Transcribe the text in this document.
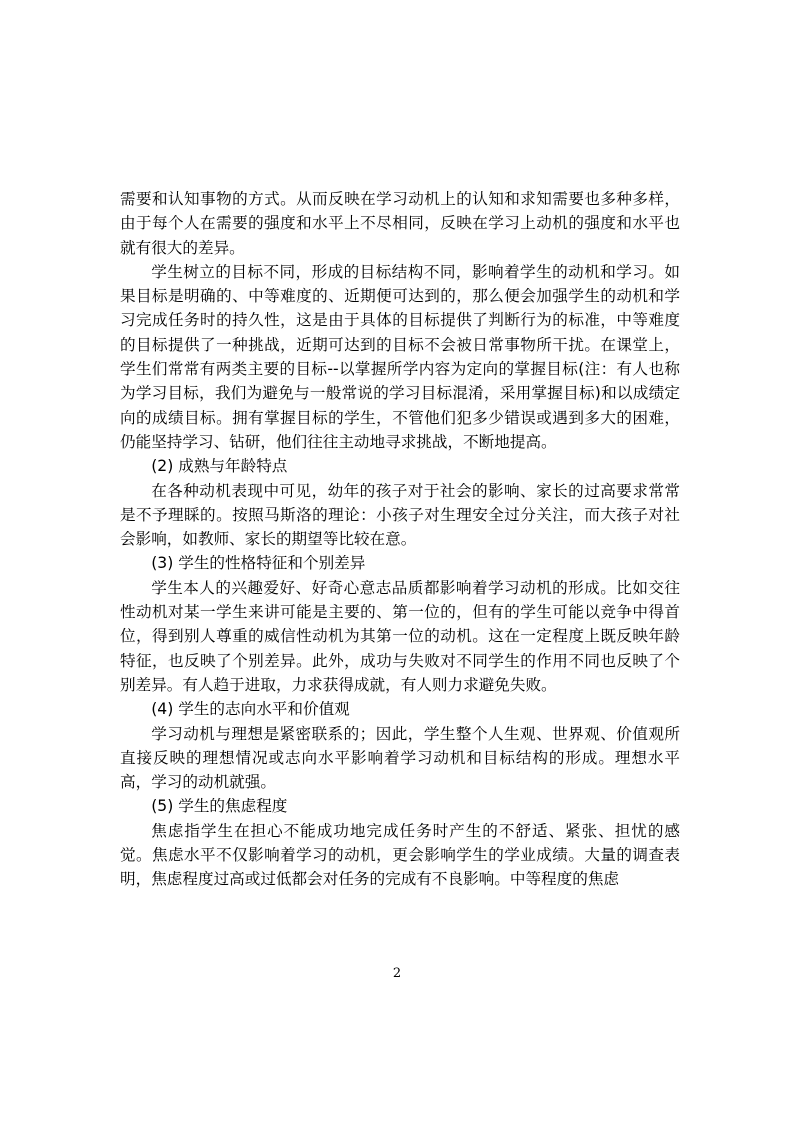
需要和认知事物的方式。从而反映在学习动机上的认知和求知需要也多种多样，由于每个人在需要的强度和水平上不尽相同，反映在学习上动机的强度和水平也就有很大的差异。

学生树立的目标不同，形成的目标结构不同，影响着学生的动机和学习。如果目标是明确的、中等难度的、近期便可达到的，那么便会加强学生的动机和学习完成任务时的持久性，这是由于具体的目标提供了判断行为的标准，中等难度的目标提供了一种挑战，近期可达到的目标不会被日常事物所干扰。在课堂上，学生们常常有两类主要的目标--以掌握所学内容为定向的掌握目标(注：有人也称为学习目标，我们为避免与一般常说的学习目标混淆，采用掌握目标)和以成绩定向的成绩目标。拥有掌握目标的学生，不管他们犯多少错误或遇到多大的困难，仍能坚持学习、钻研，他们往往主动地寻求挑战，不断地提高。

(2) 成熟与年龄特点

在各种动机表现中可见，幼年的孩子对于社会的影响、家长的过高要求常常是不予理睬的。按照马斯洛的理论：小孩子对生理安全过分关注，而大孩子对社会影响，如教师、家长的期望等比较在意。

(3) 学生的性格特征和个别差异

学生本人的兴趣爱好、好奇心意志品质都影响着学习动机的形成。比如交往性动机对某一学生来讲可能是主要的、第一位的，但有的学生可能以竞争中得首位，得到别人尊重的威信性动机为其第一位的动机。这在一定程度上既反映年龄特征，也反映了个别差异。此外，成功与失败对不同学生的作用不同也反映了个别差异。有人趋于进取，力求获得成就，有人则力求避免失败。

(4) 学生的志向水平和价值观

学习动机与理想是紧密联系的；因此，学生整个人生观、世界观、价值观所直接反映的理想情况或志向水平影响着学习动机和目标结构的形成。理想水平高，学习的动机就强。

(5) 学生的焦虑程度

焦虑指学生在担心不能成功地完成任务时产生的不舒适、紧张、担忧的感觉。焦虑水平不仅影响着学习的动机，更会影响学生的学业成绩。大量的调查表明，焦虑程度过高或过低都会对任务的完成有不良影响。中等程度的焦虑

2
